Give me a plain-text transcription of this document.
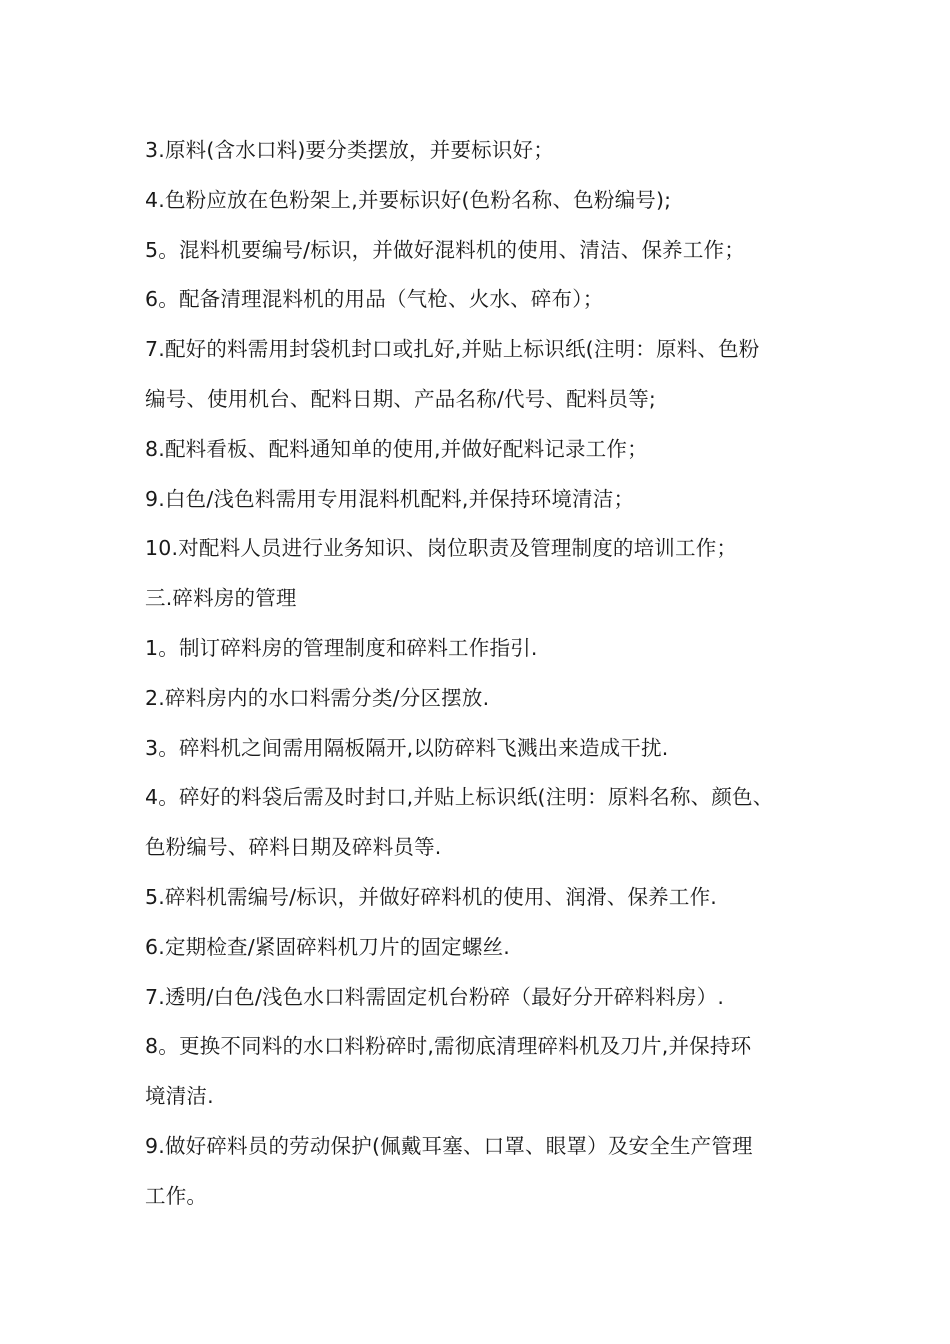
3.原料(含水口料)要分类摆放，并要标识好；
4.色粉应放在色粉架上,并要标识好(色粉名称、色粉编号);
5。混料机要编号/标识，并做好混料机的使用、清洁、保养工作；
6。配备清理混料机的用品（气枪、火水、碎布）；
7.配好的料需用封袋机封口或扎好,并贴上标识纸(注明：原料、色粉
编号、使用机台、配料日期、产品名称/代号、配料员等;
8.配料看板、配料通知单的使用,并做好配料记录工作；
9.白色/浅色料需用专用混料机配料,并保持环境清洁；
10.对配料人员进行业务知识、岗位职责及管理制度的培训工作；
三.碎料房的管理
1。制订碎料房的管理制度和碎料工作指引.
2.碎料房内的水口料需分类/分区摆放.
3。碎料机之间需用隔板隔开,以防碎料飞溅出来造成干扰.
4。碎好的料袋后需及时封口,并贴上标识纸(注明：原料名称、颜色、
色粉编号、碎料日期及碎料员等.
5.碎料机需编号/标识，并做好碎料机的使用、润滑、保养工作.
6.定期检查/紧固碎料机刀片的固定螺丝.
7.透明/白色/浅色水口料需固定机台粉碎（最好分开碎料料房）.
8。更换不同料的水口料粉碎时,需彻底清理碎料机及刀片,并保持环
境清洁.
9.做好碎料员的劳动保护(佩戴耳塞、口罩、眼罩）及安全生产管理
工作。
